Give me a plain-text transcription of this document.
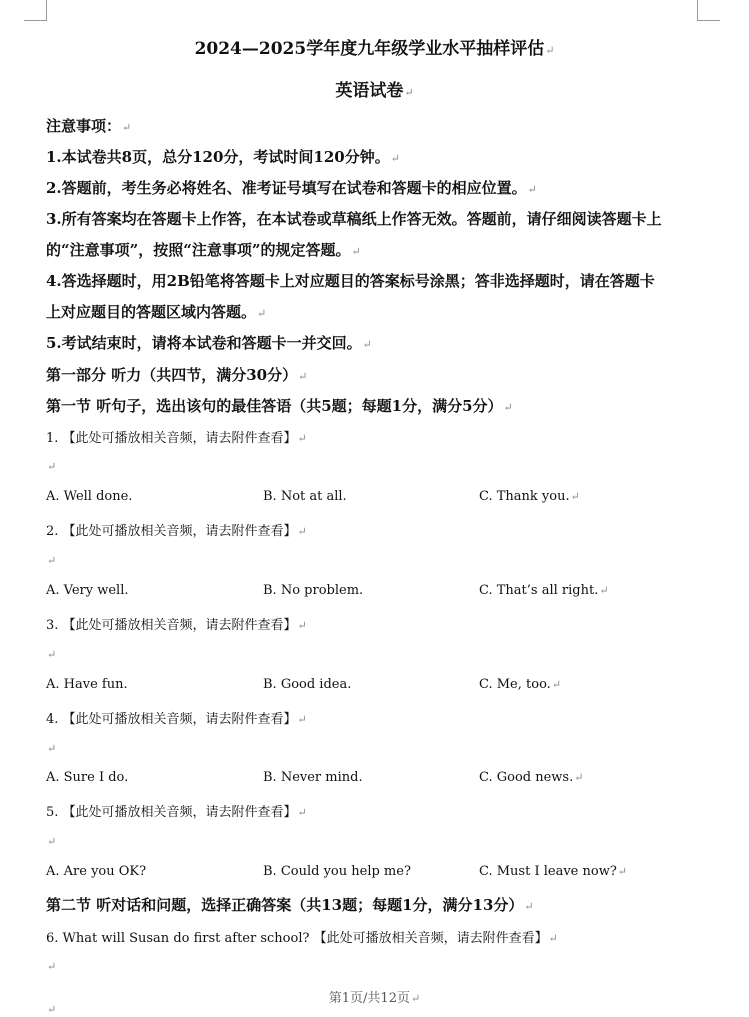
2024—2025学年度九年级学业水平抽样评估↵
英语试卷↵
注意事项：↵
1.本试卷共8页，总分120分，考试时间120分钟。↵
2.答题前，考生务必将姓名、准考证号填写在试卷和答题卡的相应位置。↵
3.所有答案均在答题卡上作答，在本试卷或草稿纸上作答无效。答题前，请仔细阅读答题卡上
的“注意事项”，按照“注意事项”的规定答题。↵
4.答选择题时，用2B铅笔将答题卡上对应题目的答案标号涂黑；答非选择题时，请在答题卡
上对应题目的答题区域内答题。↵
5.考试结束时，请将本试卷和答题卡一并交回。↵
第一部分 听力（共四节，满分30分）↵
第一节 听句子，选出该句的最佳答语（共5题；每题1分，满分5分）↵
1. 【此处可播放相关音频，请去附件查看】↵
↵
A. Well done.	B. Not at all.	C. Thank you.↵
2. 【此处可播放相关音频，请去附件查看】↵
↵
A. Very well.	B. No problem.	C. That’s all right.↵
3. 【此处可播放相关音频，请去附件查看】↵
↵
A. Have fun.	B. Good idea.	C. Me, too.↵
4. 【此处可播放相关音频，请去附件查看】↵
↵
A. Sure I do.	B. Never mind.	C. Good news.↵
5. 【此处可播放相关音频，请去附件查看】↵
↵
A. Are you OK?	B. Could you help me?	C. Must I leave now?↵
第二节 听对话和问题，选择正确答案（共13题；每题1分，满分13分）↵
6. What will Susan do first after school? 【此处可播放相关音频，请去附件查看】↵
↵
第1页/共12页↵
↵
